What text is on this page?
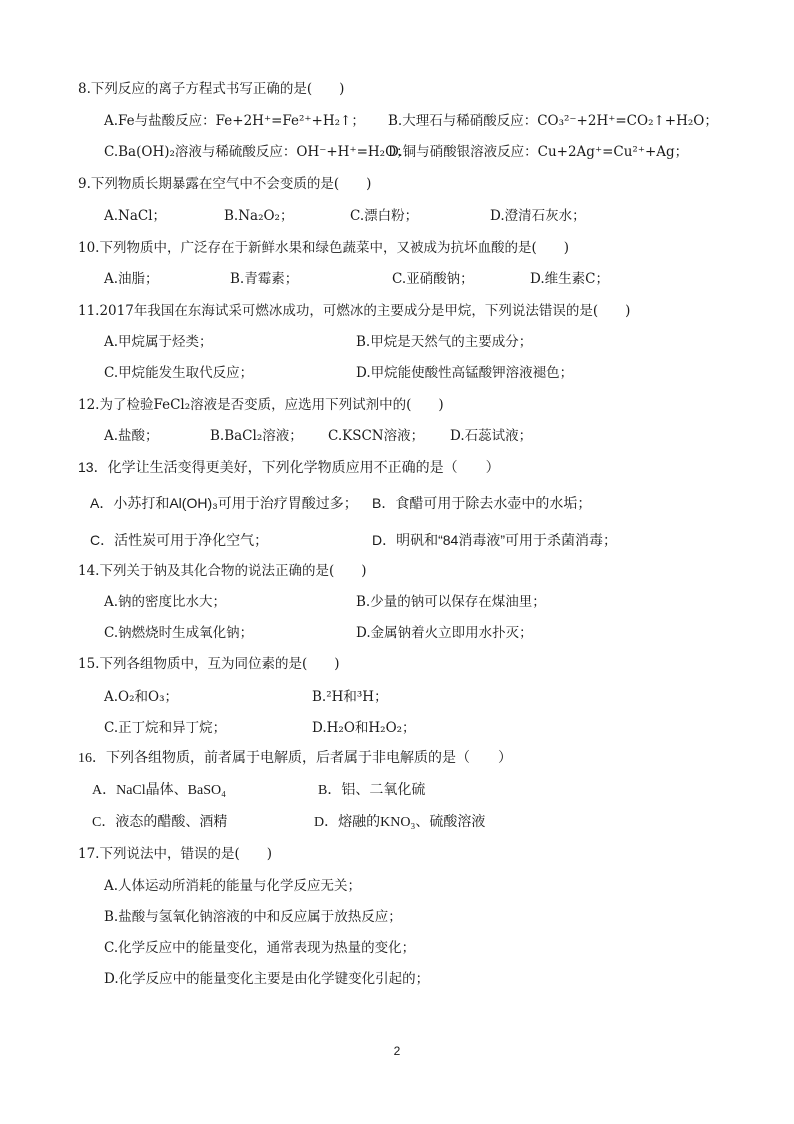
8.下列反应的离子方程式书写正确的是(　　)
A.Fe与盐酸反应：Fe+2H⁺=Fe²⁺+H₂↑； B.大理石与稀硝酸反应：CO₃²⁻+2H⁺=CO₂↑+H₂O；
C.Ba(OH)₂溶液与稀硫酸反应：OH⁻+H⁺=H₂O；
D.铜与硝酸银溶液反应：Cu+2Ag⁺=Cu²⁺+Ag；
9.下列物质长期暴露在空气中不会变质的是(　　)
A.NaCl；	B.Na₂O₂；	C.漂白粉；	D.澄清石灰水；
10.下列物质中，广泛存在于新鲜水果和绿色蔬菜中，又被成为抗坏血酸的是(　　)
A.油脂；	B.青霉素；	C.亚硝酸钠；	D.维生素C；
11.2017年我国在东海试采可燃冰成功，可燃冰的主要成分是甲烷，下列说法错误的是(　　)
A.甲烷属于烃类；	B.甲烷是天然气的主要成分；
C.甲烷能发生取代反应；	D.甲烷能使酸性高锰酸钾溶液褪色；
12.为了检验FeCl₂溶液是否变质，应选用下列试剂中的(　　)
A.盐酸；	B.BaCl₂溶液； C.KSCN溶液； D.石蕊试液；
13．化学让生活变得更美好，下列化学物质应用不正确的是（　　）
A．小苏打和Al(OH)₃可用于治疗胃酸过多； B．食醋可用于除去水壶中的水垢；
C．活性炭可用于净化空气；	D．明矾和“84消毒液”可用于杀菌消毒；
14.下列关于钠及其化合物的说法正确的是(　　)
A.钠的密度比水大；	B.少量的钠可以保存在煤油里；
C.钠燃烧时生成氧化钠；	D.金属钠着火立即用水扑灭；
15.下列各组物质中，互为同位素的是(　　)
A.O₂和O₃；	B.²H和³H；
C.正丁烷和异丁烷；	D.H₂O和H₂O₂；
16．下列各组物质，前者属于电解质，后者属于非电解质的是（　　）
A．NaCl晶体、BaSO₄	B．铝、二氧化硫
C．液态的醋酸、酒精	D．熔融的KNO₃、硫酸溶液
17.下列说法中，错误的是(　　)
A.人体运动所消耗的能量与化学反应无关；
B.盐酸与氢氧化钠溶液的中和反应属于放热反应；
C.化学反应中的能量变化，通常表现为热量的变化；
D.化学反应中的能量变化主要是由化学键变化引起的；
2
